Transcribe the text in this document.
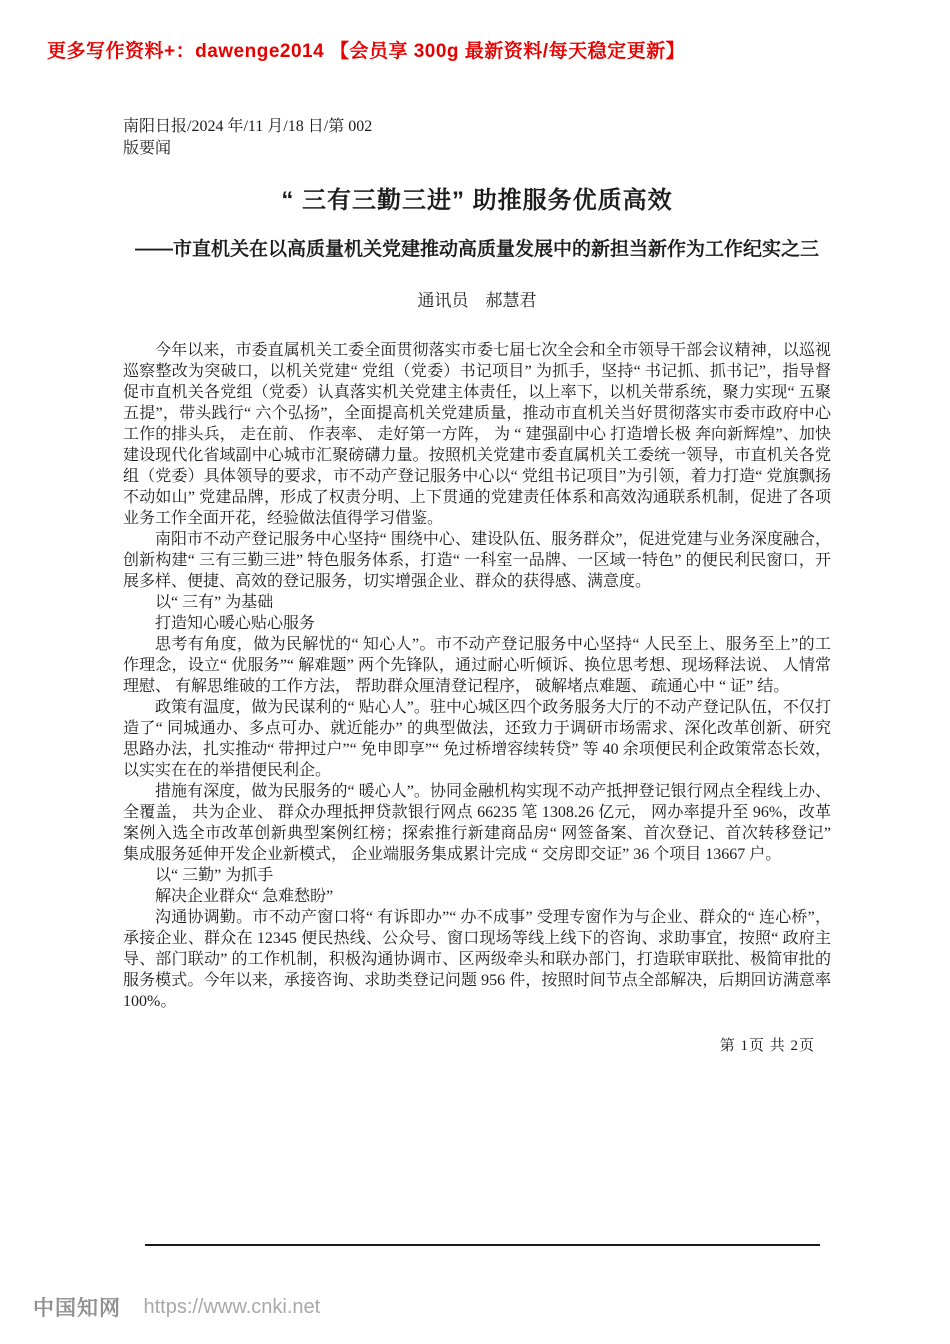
更多写作资料+：dawenge2014 【会员享 300g 最新资料/每天稳定更新】
南阳日报/2024 年/11 月/18 日/第 002
版要闻
“ 三有三勤三进” 助推服务优质高效
——市直机关在以高质量机关党建推动高质量发展中的新担当新作为工作纪实之三
通讯员　郝慧君

今年以来，市委直属机关工委全面贯彻落实市委七届七次全会和全市领导干部会议精神，以巡视巡察整改为突破口，以机关党建“ 党组（党委）书记项目” 为抓手，坚持“ 书记抓、抓书记”，指导督促市直机关各党组（党委）认真落实机关党建主体责任，以上率下，以机关带系统，聚力实现“ 五聚五提”，带头践行“ 六个弘扬”，全面提高机关党建质量，推动市直机关当好贯彻落实市委市政府中心工作的排头兵， 走在前、 作表率、 走好第一方阵， 为 “ 建强副中心 打造增长极 奔向新辉煌”、加快建设现代化省域副中心城市汇聚磅礴力量。按照机关党建市委直属机关工委统一领导，市直机关各党组（党委）具体领导的要求，市不动产登记服务中心以“ 党组书记项目”为引领，着力打造“ 党旗飘扬不动如山” 党建品牌，形成了权责分明、上下贯通的党建责任体系和高效沟通联系机制，促进了各项业务工作全面开花，经验做法值得学习借鉴。

南阳市不动产登记服务中心坚持“ 围绕中心、建设队伍、服务群众”，促进党建与业务深度融合，创新构建“ 三有三勤三进” 特色服务体系，打造“ 一科室一品牌、一区域一特色” 的便民利民窗口，开展多样、便捷、高效的登记服务，切实增强企业、群众的获得感、满意度。

以“ 三有” 为基础

打造知心暖心贴心服务

思考有角度，做为民解忧的“ 知心人”。市不动产登记服务中心坚持“ 人民至上、服务至上”的工作理念，设立“ 优服务”“ 解难题” 两个先锋队，通过耐心听倾诉、换位思考想、现场释法说、 人情常理慰、 有解思维破的工作方法， 帮助群众厘清登记程序， 破解堵点难题、 疏通心中 “ 证” 结。

政策有温度，做为民谋利的“ 贴心人”。驻中心城区四个政务服务大厅的不动产登记队伍，不仅打造了“ 同城通办、多点可办、就近能办” 的典型做法，还致力于调研市场需求、深化改革创新、研究思路办法，扎实推动“ 带押过户”“ 免申即享”“ 免过桥增容续转贷” 等 40 余项便民利企政策常态长效，以实实在在的举措便民利企。

措施有深度，做为民服务的“ 暖心人”。协同金融机构实现不动产抵押登记银行网点全程线上办、 全覆盖， 共为企业、 群众办理抵押贷款银行网点 66235 笔 1308.26 亿元， 网办率提升至 96%，改革案例入选全市改革创新典型案例红榜；探索推行新建商品房“ 网签备案、首次登记、首次转移登记” 集成服务延伸开发企业新模式， 企业端服务集成累计完成 “ 交房即交证” 36 个项目 13667 户。

以“ 三勤” 为抓手

解决企业群众“ 急难愁盼”

沟通协调勤。市不动产窗口将“ 有诉即办”“ 办不成事” 受理专窗作为与企业、群众的“ 连心桥”，承接企业、群众在 12345 便民热线、公众号、窗口现场等线上线下的咨询、求助事宜，按照“ 政府主导、部门联动” 的工作机制，积极沟通协调市、区两级牵头和联办部门，打造联审联批、极简审批的服务模式。今年以来，承接咨询、求助类登记问题 956 件，按照时间节点全部解决，后期回访满意率 100%。

第 1页 共 2页
中国知网 https://www.cnki.net
